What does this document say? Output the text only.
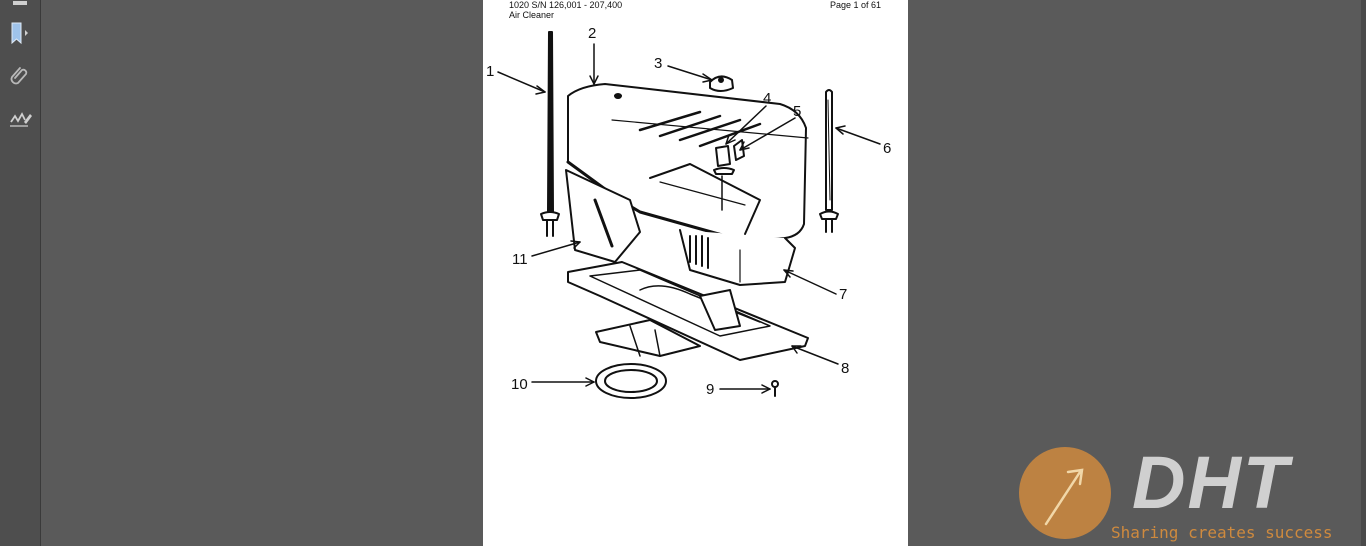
1020 S/N 126,001 - 207,400
Air Cleaner
Page 1 of 61
1
2
3
4
5
6
7
8
9
10
11
DHT
Sharing creates success
